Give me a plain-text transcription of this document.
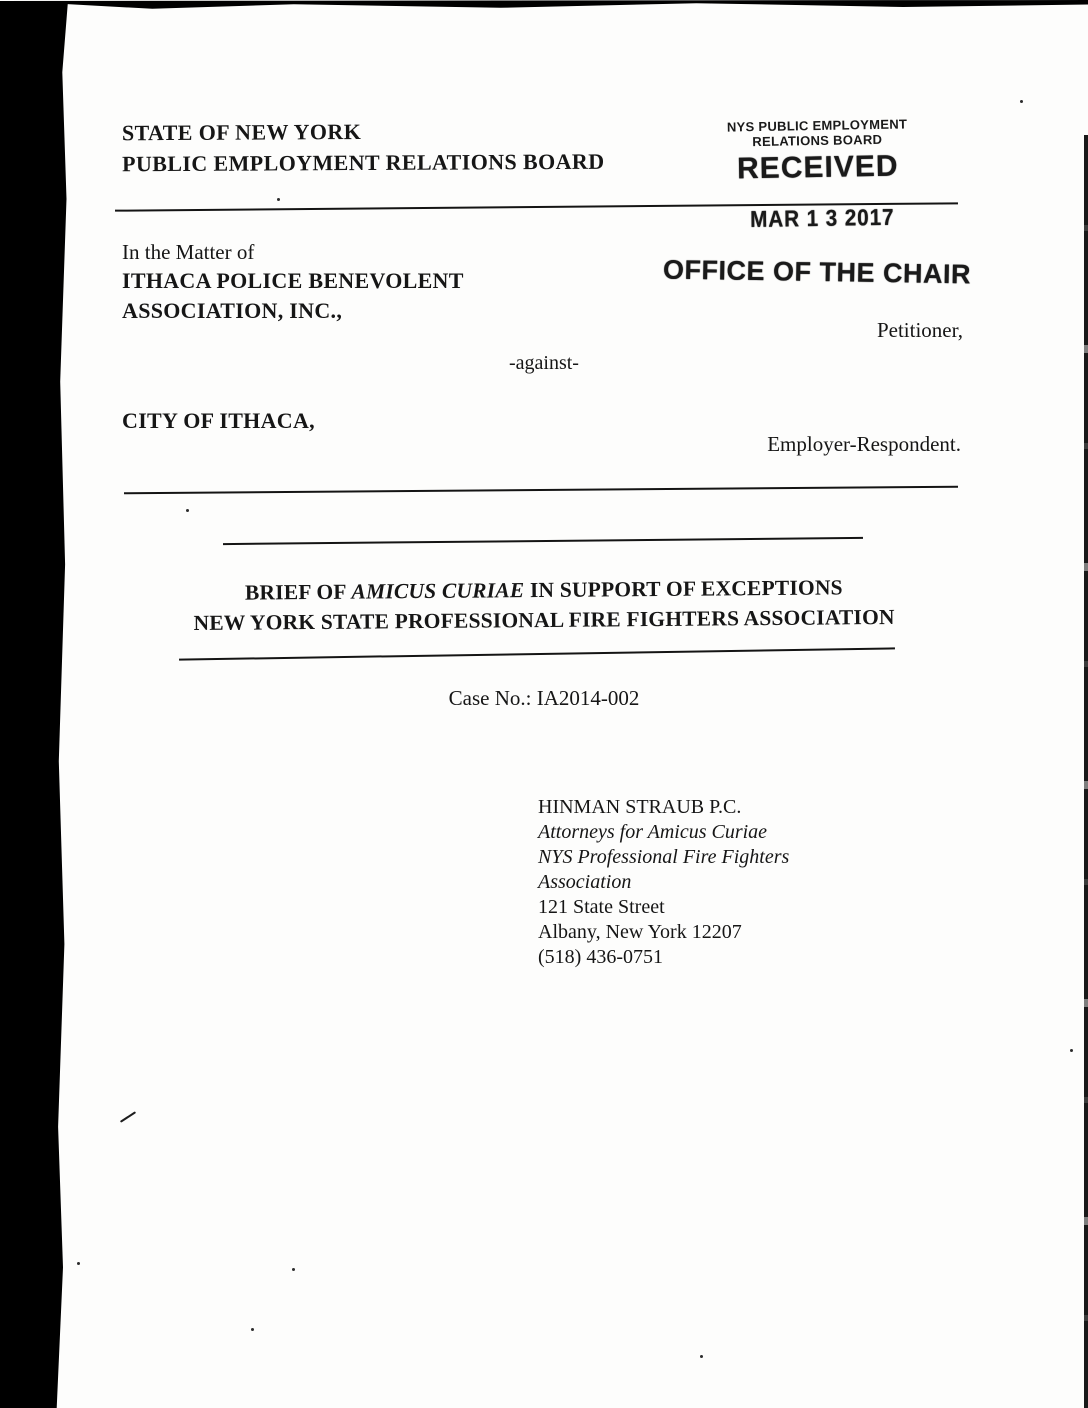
STATE OF NEW YORK
PUBLIC EMPLOYMENT RELATIONS BOARD
NYS PUBLIC EMPLOYMENT
RELATIONS BOARD
RECEIVED
MAR 1 3 2017
In the Matter of
ITHACA POLICE BENEVOLENT
ASSOCIATION, INC.,
OFFICE OF THE CHAIR
Petitioner,
-against-
CITY OF ITHACA,
Employer-Respondent.
BRIEF OF AMICUS CURIAE IN SUPPORT OF EXCEPTIONS
NEW YORK STATE PROFESSIONAL FIRE FIGHTERS ASSOCIATION
Case No.: IA2014-002
HINMAN STRAUB P.C.
Attorneys for Amicus Curiae
NYS Professional Fire Fighters
Association
121 State Street
Albany, New York 12207
(518) 436-0751
